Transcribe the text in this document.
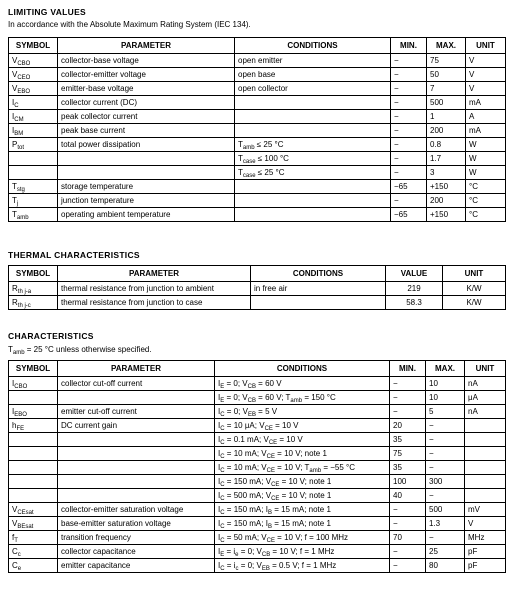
LIMITING VALUES
In accordance with the Absolute Maximum Rating System (IEC 134).
SYMBOL	PARAMETER	CONDITIONS	MIN.	MAX.	UNIT
$V_{CBO}$	collector-base voltage	open emitter	−	75	V
$V_{CEO}$	collector-emitter voltage	open base	−	50	V
$V_{EBO}$	emitter-base voltage	open collector	−	7	V
$I_C$	collector current (DC)		−	500	mA
$I_{CM}$	peak collector current		−	1	A
$I_{BM}$	peak base current		−	200	mA
$P_{tot}$	total power dissipation	$T_{amb} \le 25$ °C	−	0.8	W
		$T_{case} \le 100$ °C	−	1.7	W
		$T_{case} \le 25$ °C	−	3	W
$T_{stg}$	storage temperature		−65	+150	°C
$T_j$	junction temperature		−	200	°C
$T_{amb}$	operating ambient temperature		−65	+150	°C
THERMAL CHARACTERISTICS
SYMBOL	PARAMETER	CONDITIONS	VALUE	UNIT
$R_{th j-a}$	thermal resistance from junction to ambient	in free air	219	K/W
$R_{th j-c}$	thermal resistance from junction to case		58.3	K/W
CHARACTERISTICS
$T_{amb} = 25$ °C unless otherwise specified.
SYMBOL	PARAMETER	CONDITIONS	MIN.	MAX.	UNIT
$I_{CBO}$	collector cut-off current	$I_E = 0$; $V_{CB} = 60$ V	−	10	nA
		$I_E = 0$; $V_{CB} = 60$ V; $T_{amb} = 150$ °C	−	10	μA
$I_{EBO}$	emitter cut-off current	$I_C = 0$; $V_{EB} = 5$ V	−	5	nA
$h_{FE}$	DC current gain	$I_C = 10$ μA; $V_{CE} = 10$ V	20	−	
		$I_C = 0.1$ mA; $V_{CE} = 10$ V	35	−	
		$I_C = 10$ mA; $V_{CE} = 10$ V; note 1	75	−	
		$I_C = 10$ mA; $V_{CE} = 10$ V; $T_{amb} = -55$ °C	35	−	
		$I_C = 150$ mA; $V_{CE} = 10$ V; note 1	100	300	
		$I_C = 500$ mA; $V_{CE} = 10$ V; note 1	40	−	
$V_{CEsat}$	collector-emitter saturation voltage	$I_C = 150$ mA; $I_B = 15$ mA; note 1	−	500	mV
$V_{BEsat}$	base-emitter saturation voltage	$I_C = 150$ mA; $I_B = 15$ mA; note 1	−	1.3	V
$f_T$	transition frequency	$I_C = 50$ mA; $V_{CE} = 10$ V; f = 100 MHz	70	−	MHz
$C_c$	collector capacitance	$I_E = i_e = 0$; $V_{CB} = 10$ V; f = 1 MHz	−	25	pF
$C_e$	emitter capacitance	$I_C = i_c = 0$; $V_{EB} = 0.5$ V; f = 1 MHz	−	80	pF
